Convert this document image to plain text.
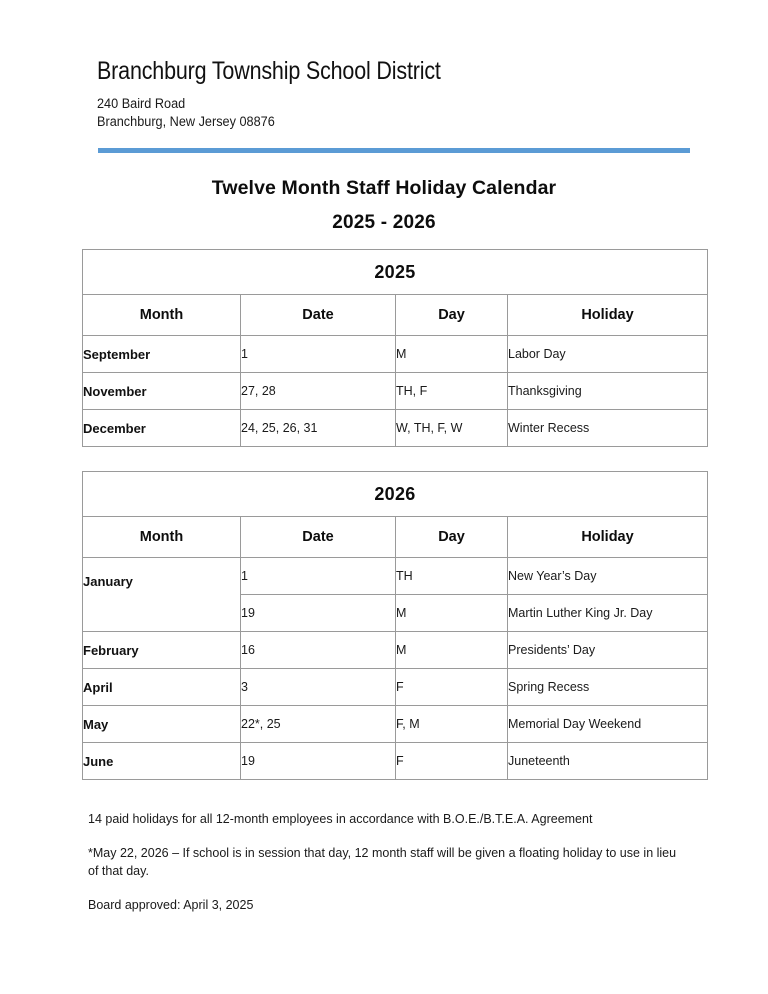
Branchburg Township School District
240 Baird Road
Branchburg, New Jersey 08876
Twelve Month Staff Holiday Calendar
2025 - 2026
2025			
Month	Date	Day	Holiday
September	1	M	Labor Day
November	27, 28	TH, F	Thanksgiving
December	24, 25, 26, 31	W, TH, F, W	Winter Recess
2026			
Month	Date	Day	Holiday
January	1	TH	New Year’s Day
	19	M	Martin Luther King Jr. Day
February	16	M	Presidents’ Day
April	3	F	Spring Recess
May	22*, 25	F, M	Memorial Day Weekend
June	19	F	Juneteenth

14 paid holidays for all 12-month employees in accordance with B.O.E./B.T.E.A. Agreement

*May 22, 2026 – If school is in session that day, 12 month staff will be given a floating holiday to use in lieu of that day.

Board approved: April 3, 2025
